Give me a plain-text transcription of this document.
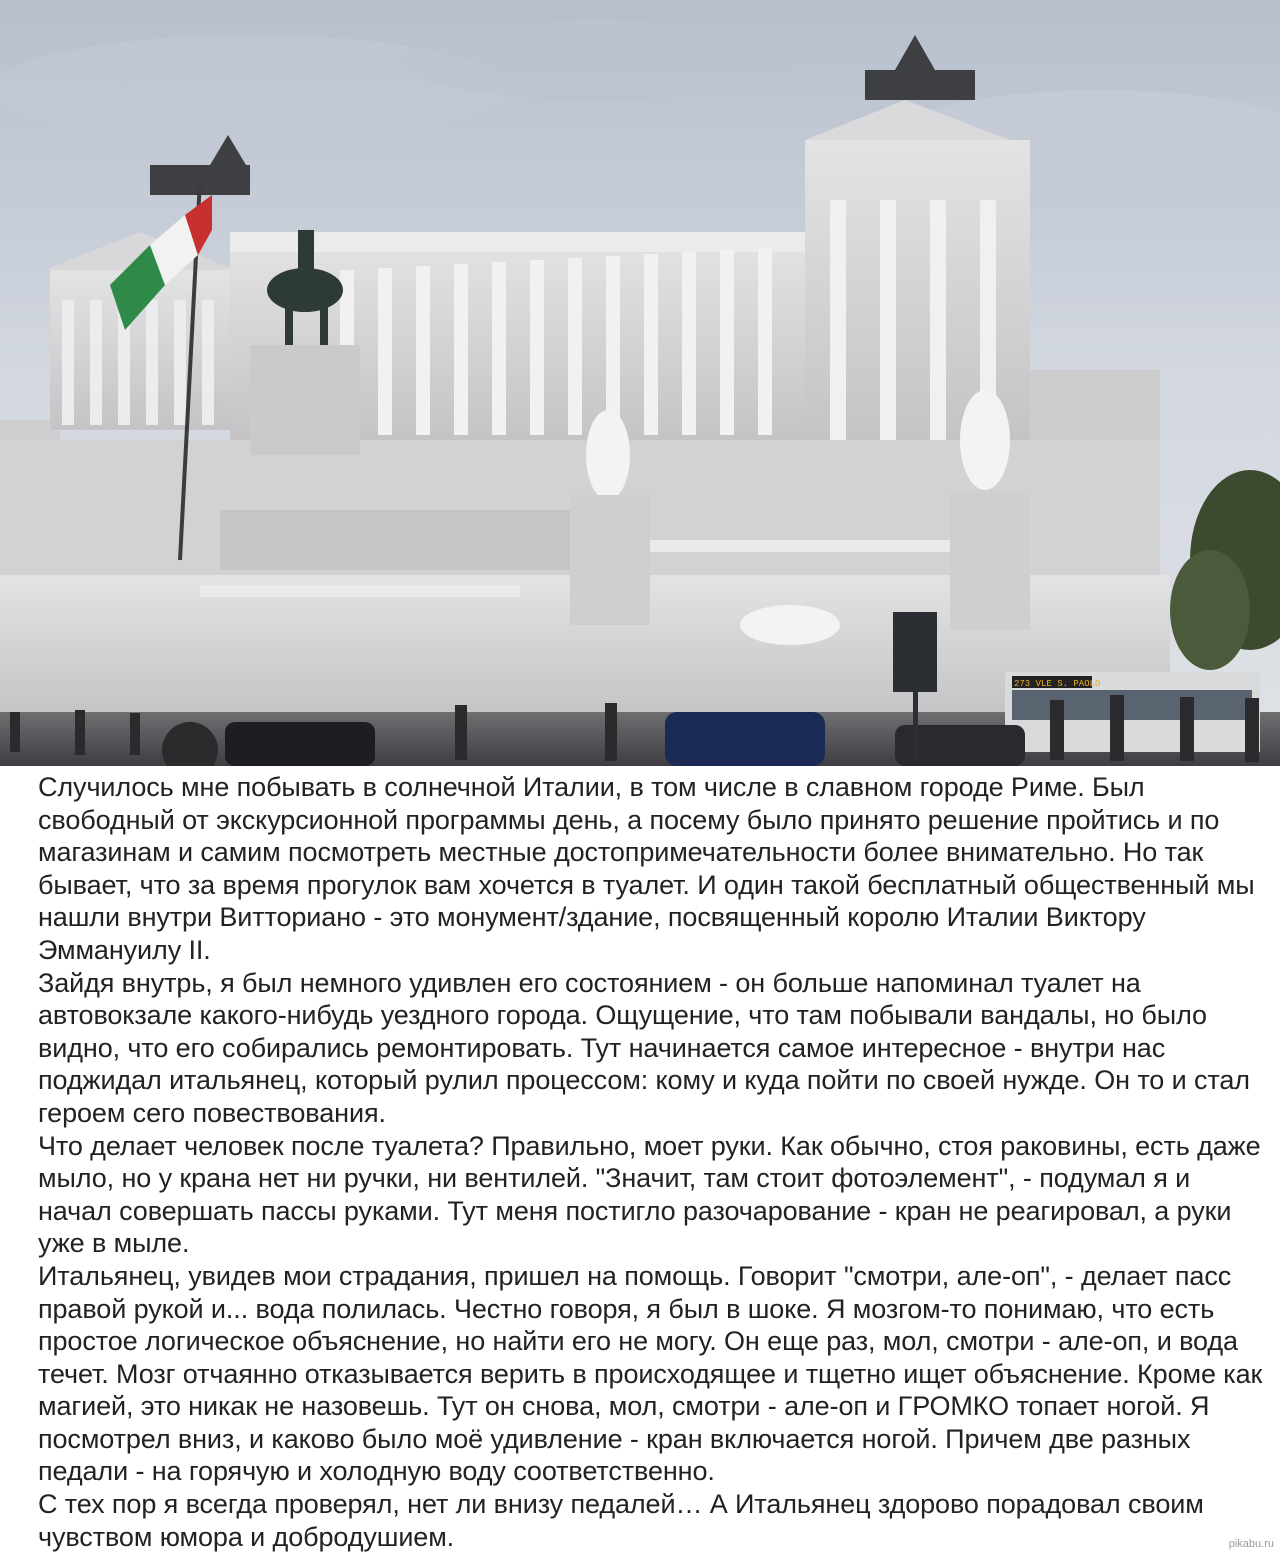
273 VLE S. PAOLO

Случилось мне побывать в солнечной Италии, в том числе в славном городе Риме. Был свободный от экскурсионной программы день, а посему было принято решение пройтись и по магазинам и самим посмотреть местные достопримечательности более внимательно. Но так бывает, что за время прогулок вам хочется в туалет. И один такой бесплатный общественный мы нашли внутри Витториано - это монумент/здание, посвященный королю Италии Виктору Эммануилу II.

Зайдя внутрь, я был немного удивлен его состоянием - он больше напоминал туалет на автовокзале какого-нибудь уездного города. Ощущение, что там побывали вандалы, но было видно, что его собирались ремонтировать. Тут начинается самое интересное - внутри нас поджидал итальянец, который рулил процессом: кому и куда пойти по своей нужде. Он то и стал героем сего повествования.

Что делает человек после туалета? Правильно, моет руки. Как обычно, стоя раковины, есть даже мыло, но у крана нет ни ручки, ни вентилей. "Значит, там стоит фотоэлемент", - подумал я и начал совершать пассы руками. Тут меня постигло разочарование - кран не реагировал, а руки уже в мыле.

Итальянец, увидев мои страдания, пришел на помощь. Говорит "смотри, але-оп", - делает пасс правой рукой и... вода полилась. Честно говоря, я был в шоке. Я мозгом-то понимаю, что есть простое логическое объяснение, но найти его не могу. Он еще раз, мол, смотри - але-оп, и вода течет. Мозг отчаянно отказывается верить в происходящее и тщетно ищет объяснение. Кроме как магией, это никак не назовешь. Тут он снова, мол, смотри - але-оп и ГРОМКО топает ногой. Я посмотрел вниз, и каково было моё удивление - кран включается ногой. Причем две разных педали - на горячую и холодную воду соответственно.

С тех пор я всегда проверял, нет ли внизу педалей… А Итальянец здорово порадовал своим чувством юмора и добродушием.	pikabu.ru
